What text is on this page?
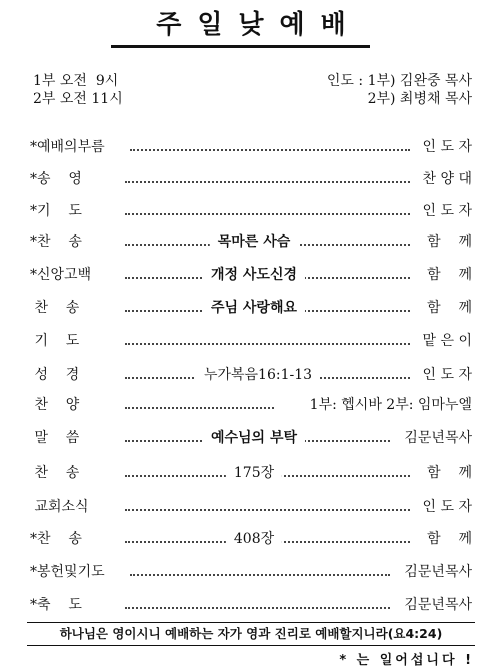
주일낮예배
1부 오전  9시
2부 오전 11시
인도 : 1부) 김완중 목사
2부) 최병채 목사
*예배의부름	인 도 자
*송    영	찬 양 대
*기    도	인 도 자
*찬    송	목마른 사슴	함    께
*신앙고백	개정 사도신경	함    께
찬    송	주님 사랑해요	함    께
기    도	맡 은 이
성    경	누가복음16:1-13	인 도 자
찬    양	1부: 헵시바 2부: 임마누엘
말    씀	예수님의 부탁	김문년목사
찬    송	175장	함    께
교회소식	인 도 자
*찬    송	408장	함    께
*봉헌및기도	김문년목사
*축    도	김문년목사
하나님은 영이시니 예배하는 자가 영과 진리로 예배할지니라(요4:24)
* 는 일어섭니다 !
